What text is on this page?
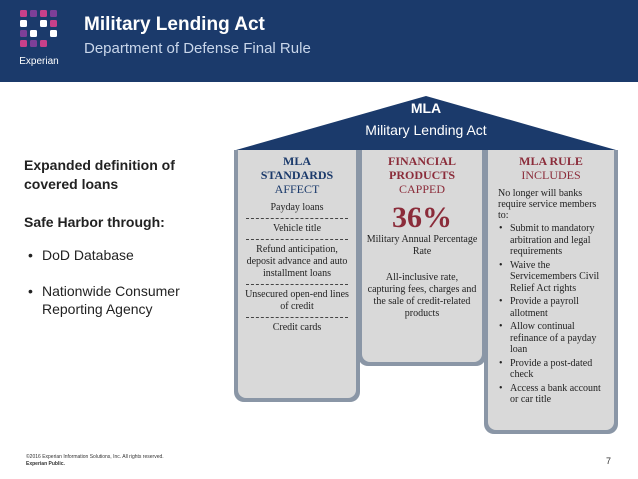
Experian
Military Lending Act
Department of Defense Final Rule
Expanded definition of
covered loans
Safe Harbor through:
• DoD Database
• Nationwide Consumer Reporting Agency
MLA
Military Lending Act
MLA
STANDARDS
AFFECT
Payday loans
Vehicle title
Refund anticipation, deposit advance and auto installment loans
Unsecured open-end lines of credit
Credit cards
FINANCIAL
PRODUCTS
CAPPED
36%
Military Annual Percentage Rate
All-inclusive rate, capturing fees, charges and the sale of credit-related products
MLA RULE
INCLUDES
No longer will banks require service members to:
• Submit to mandatory arbitration and legal requirements
• Waive the Servicemembers Civil Relief Act rights
• Provide a payroll allotment
• Allow continual refinance of a payday loan
• Provide a post-dated check
• Access a bank account or car title
©2016 Experian Information Solutions, Inc. All rights reserved.
Experian Public.	7
